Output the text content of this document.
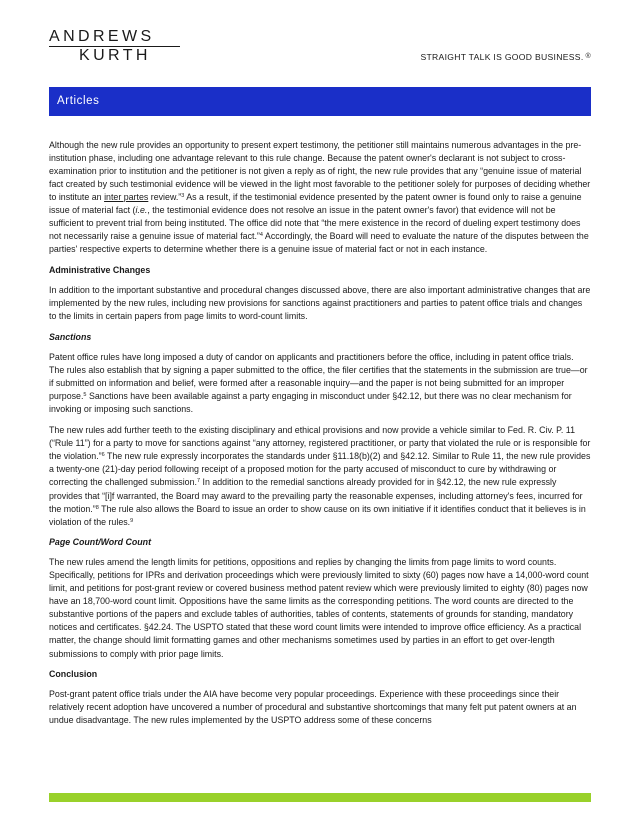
ANDREWS
KURTH	STRAIGHT TALK IS GOOD BUSINESS. ®
Articles

Although the new rule provides an opportunity to present expert testimony, the petitioner still maintains numerous advantages in the pre-institution phase, including one advantage relevant to this rule change. Because the patent owner's declarant is not subject to cross-examination prior to institution and the petitioner is not given a reply as of right, the new rule provides that any “genuine issue of material fact created by such testimonial evidence will be viewed in the light most favorable to the petitioner solely for purposes of deciding whether to institute an inter partes review.”$^3$ As a result, if the testimonial evidence presented by the patent owner is found only to raise a genuine issue of material fact (i.e., the testimonial evidence does not resolve an issue in the patent owner's favor) that evidence will not be sufficient to prevent trial from being instituted. The office did note that “the mere existence in the record of dueling expert testimony does not necessarily raise a genuine issue of material fact.”$^4$ Accordingly, the Board will need to evaluate the nature of the disputes between the parties' respective experts to determine whether there is a genuine issue of material fact or not in each instance.

Administrative Changes

In addition to the important substantive and procedural changes discussed above, there are also important administrative changes that are implemented by the new rules, including new provisions for sanctions against practitioners and parties to patent office trials and changes to the limits in certain papers from page limits to word-count limits.

Sanctions

Patent office rules have long imposed a duty of candor on applicants and practitioners before the office, including in patent office trials. The rules also establish that by signing a paper submitted to the office, the filer certifies that the statements in the submission are true—or if submitted on information and belief, were formed after a reasonable inquiry—and the paper is not being submitted for an improper purpose.$^5$ Sanctions have been available against a party engaging in misconduct under §42.12, but there was no clear mechanism for invoking or imposing such sanctions.

The new rules add further teeth to the existing disciplinary and ethical provisions and now provide a vehicle similar to Fed. R. Civ. P. 11 (“Rule 11”) for a party to move for sanctions against “any attorney, registered practitioner, or party that violated the rule or is responsible for the violation.”$^6$ The new rule expressly incorporates the standards under §11.18(b)(2) and §42.12. Similar to Rule 11, the new rule provides a twenty-one (21)-day period following receipt of a proposed motion for the party accused of misconduct to cure by withdrawing or correcting the challenged submission.$^7$ In addition to the remedial sanctions already provided for in §42.12, the new rule expressly provides that “[i]f warranted, the Board may award to the prevailing party the reasonable expenses, including attorney's fees, incurred for the motion.”$^8$ The rule also allows the Board to issue an order to show cause on its own initiative if it identifies conduct that it believes is in violation of the rules.$^9$

Page Count/Word Count

The new rules amend the length limits for petitions, oppositions and replies by changing the limits from page limits to word counts. Specifically, petitions for IPRs and derivation proceedings which were previously limited to sixty (60) pages now have a 14,000-word count limit, and petitions for post-grant review or covered business method patent review which were previously limited to eighty (80) pages now have an 18,700-word count limit. Oppositions have the same limits as the corresponding petitions. The word counts are directed to the substantive portions of the papers and exclude tables of authorities, tables of contents, statements of grounds for standing, mandatory notices and certificates. §42.24. The USPTO stated that these word count limits were intended to improve office efficiency. As a practical matter, the change should limit formatting games and other mechanisms sometimes used by parties in an effort to get over-length submissions to comply with prior page limits.

Conclusion

Post-grant patent office trials under the AIA have become very popular proceedings. Experience with these proceedings since their relatively recent adoption have uncovered a number of procedural and substantive shortcomings that many felt put patent owners at an undue disadvantage. The new rules implemented by the USPTO address some of these concerns
